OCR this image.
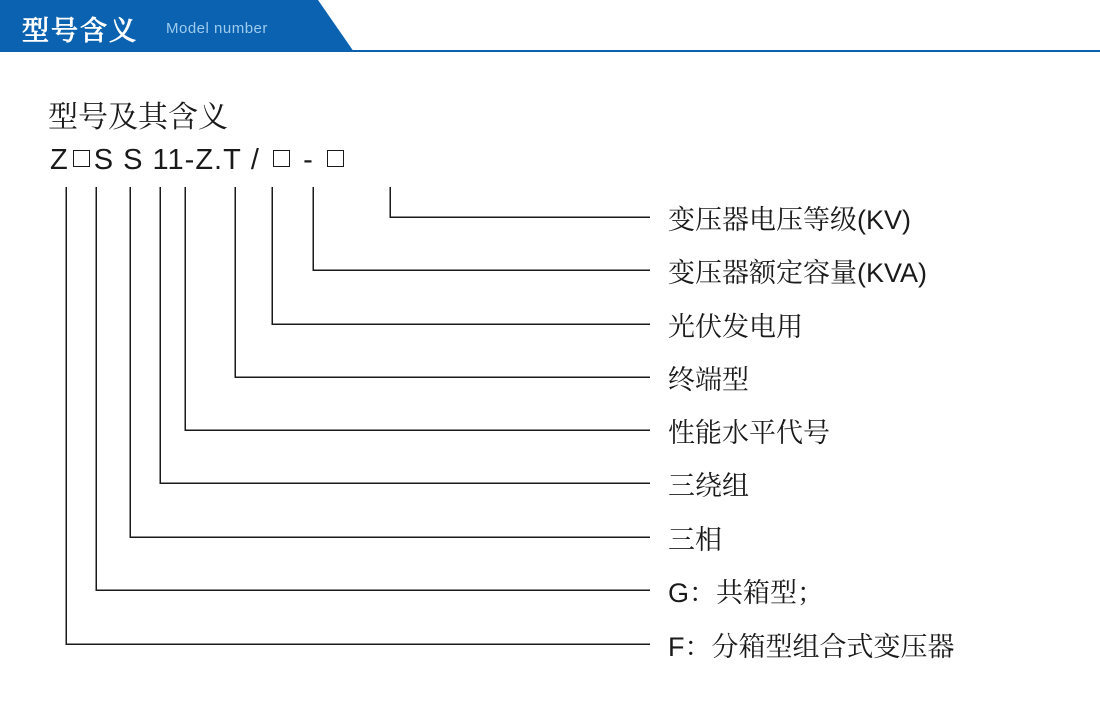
型号含义 Model number
型号及其含义
Z S S 11-Z.T / -
变压器电压等级(KV)
变压器额定容量(KVA)
光伏发电用
终端型
性能水平代号
三绕组
三相
G：共箱型；
F：分箱型组合式变压器
